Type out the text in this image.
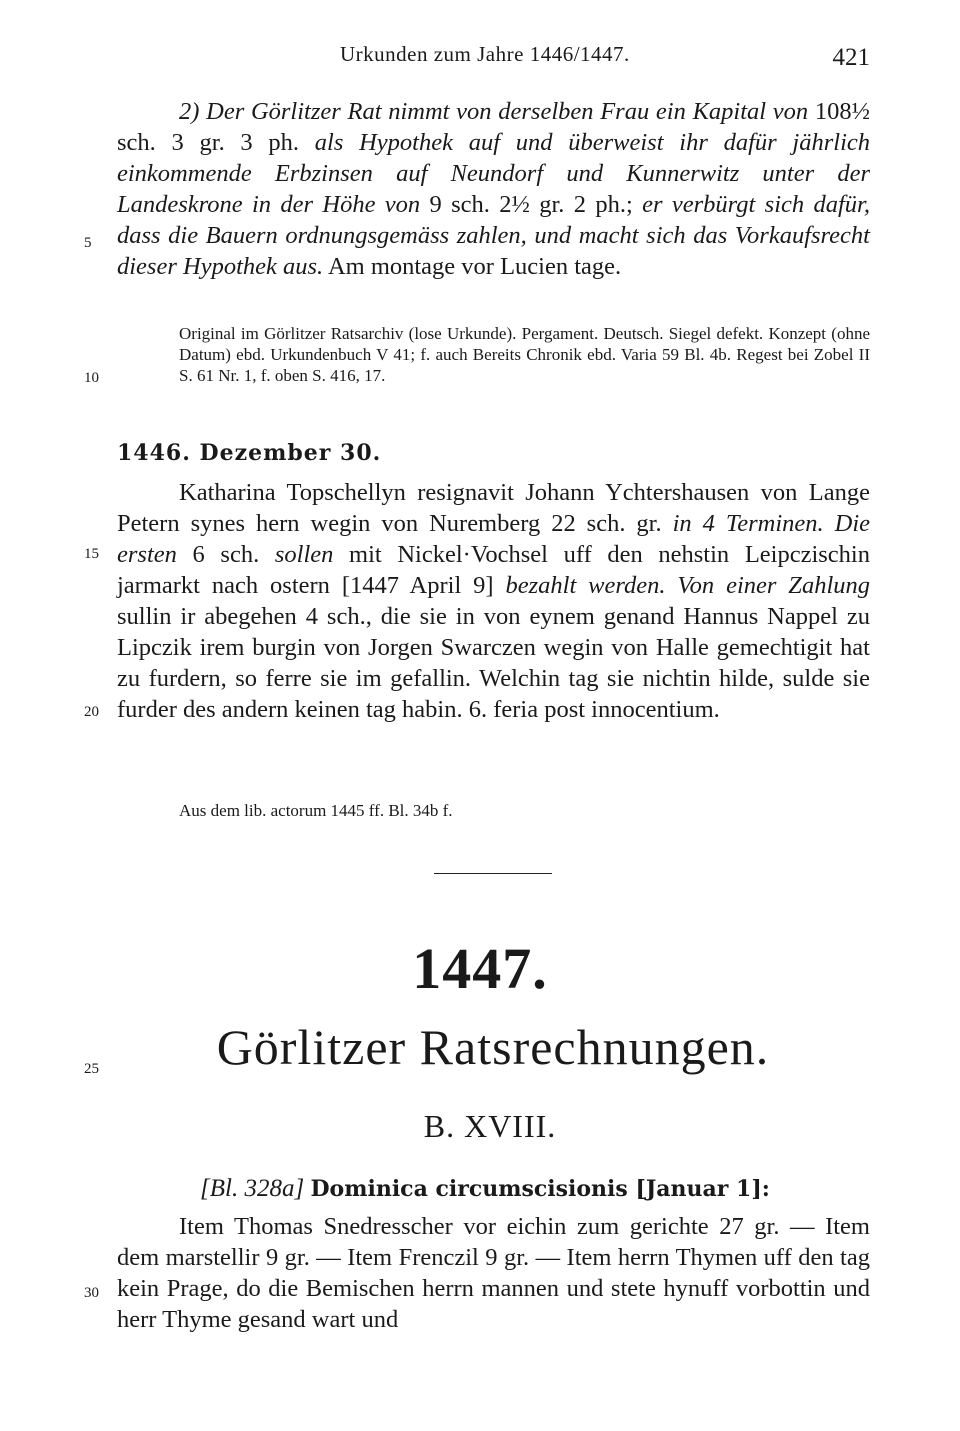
Urkunden zum Jahre 1446/1447.	421
5
10
15
20
25
30

2) Der Görlitzer Rat nimmt von derselben Frau ein Kapital von 108½ sch. 3 gr. 3 ph. als Hypothek auf und überweist ihr dafür jährlich einkommende Erbzinsen auf Neundorf und Kunnerwitz unter der Landeskrone in der Höhe von 9 sch. 2½ gr. 2 ph.; er verbürgt sich dafür, dass die Bauern ordnungsgemäss zahlen, und macht sich das Vorkaufsrecht dieser Hypothek aus. Am montage vor Lucien tage.

Original im Görlitzer Ratsarchiv (lose Urkunde). Pergament. Deutsch. Siegel defekt. Konzept (ohne Datum) ebd. Urkundenbuch V 41; f. auch Bereits Chronik ebd. Varia 59 Bl. 4b. Regest bei Zobel II S. 61 Nr. 1, f. oben S. 416, 17.
1446. Dezember 30.

Katharina Topschellyn resignavit Johann Ychtershausen von Lange Petern synes hern wegin von Nuremberg 22 sch. gr. in 4 Terminen. Die ersten 6 sch. sollen mit Nickel·Vochsel uff den nehstin Leipczischin jarmarkt nach ostern [1447 April 9] bezahlt werden. Von einer Zahlung sullin ir abegehen 4 sch., die sie in von eynem genand Hannus Nappel zu Lipczik irem burgin von Jorgen Swarczen wegin von Halle gemechtigit hat zu furdern, so ferre sie im gefallin. Welchin tag sie nichtin hilde, sulde sie furder des andern keinen tag habin. 6. feria post innocentium.

Aus dem lib. actorum 1445 ff. Bl. 34b f.
1447.
Görlitzer Ratsrechnungen.
B. XVIII.
[Bl. 328a] Dominica circumscisionis [Januar 1]:

Item Thomas Snedresscher vor eichin zum gerichte 27 gr. — Item dem marstellir 9 gr. — Item Frenczil 9 gr. — Item herrn Thymen uff den tag kein Prage, do die Bemischen herrn mannen und stete hynuff vorbottin und herr Thyme gesand wart und
